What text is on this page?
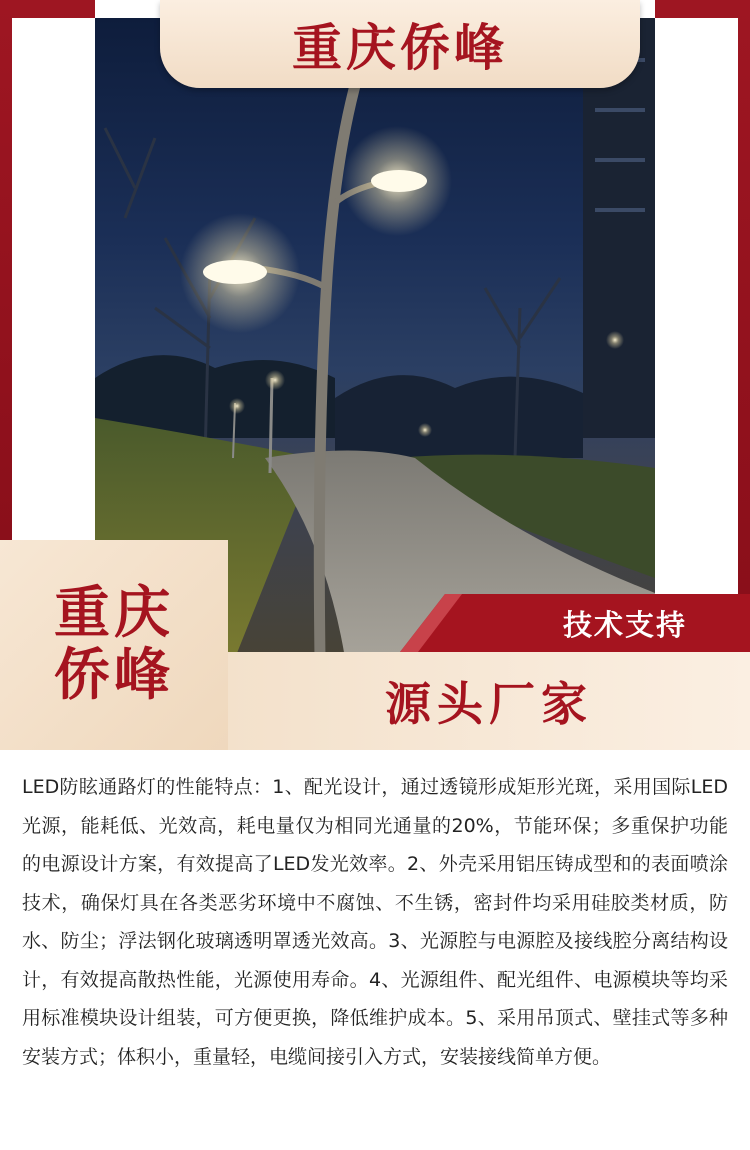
重庆侨峰
重庆
侨峰	源头厂家
技术支持
LED防眩通路灯的性能特点：1、配光设计，通过透镜形成矩形光斑，采用国际LED光源，能耗低、光效高，耗电量仅为相同光通量的20%，节能环保；多重保护功能的电源设计方案，有效提高了LED发光效率。2、外壳采用铝压铸成型和的表面喷涂技术，确保灯具在各类恶劣环境中不腐蚀、不生锈，密封件均采用硅胶类材质，防水、防尘；浮法钢化玻璃透明罩透光效高。3、光源腔与电源腔及接线腔分离结构设计，有效提高散热性能，光源使用寿命。4、光源组件、配光组件、电源模块等均采用标准模块设计组装，可方便更换，降低维护成本。5、采用吊顶式、壁挂式等多种安装方式；体积小，重量轻，电缆间接引入方式，安装接线简单方便。
